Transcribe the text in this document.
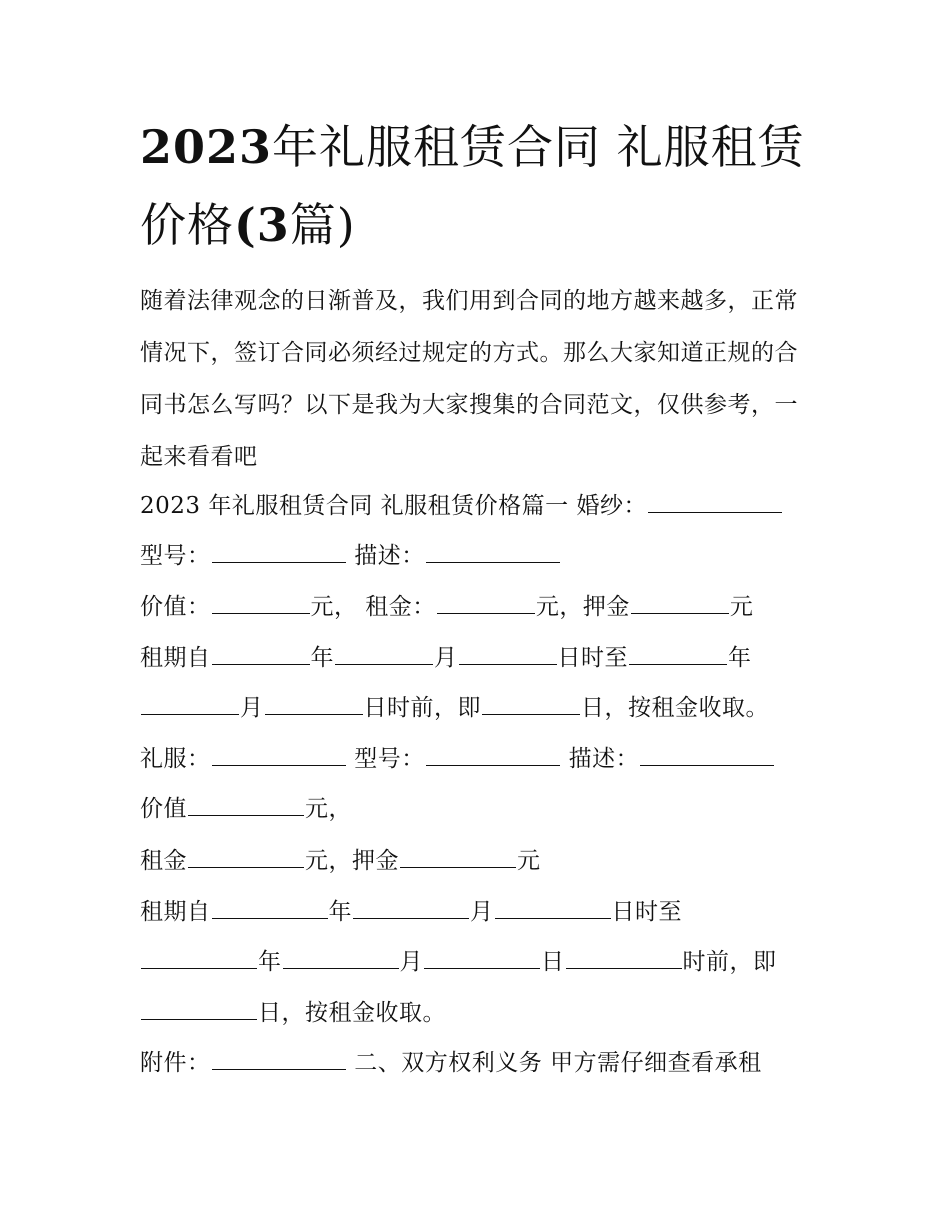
2023年礼服租赁合同 礼服租赁价格(3篇)

随着法律观念的日渐普及，我们用到合同的地方越来越多，正常情况下，签订合同必须经过规定的方式。那么大家知道正规的合同书怎么写吗？以下是我为大家搜集的合同范文，仅供参考，一起来看看吧

2023 年礼服租赁合同 礼服租赁价格篇一 婚纱：
型号：	描述：
价值：	元， 租金：	元，押金	元
租期自	年	月	日时至	年
月	日时前，即	日，按租金收取。
礼服：	型号：	描述：
价值	元，
租金	元，押金	元
租期自	年	月	日时至
年	月	日	时前，即
日，按租金收取。
附件：	二、双方权利义务 甲方需仔细查看承租
